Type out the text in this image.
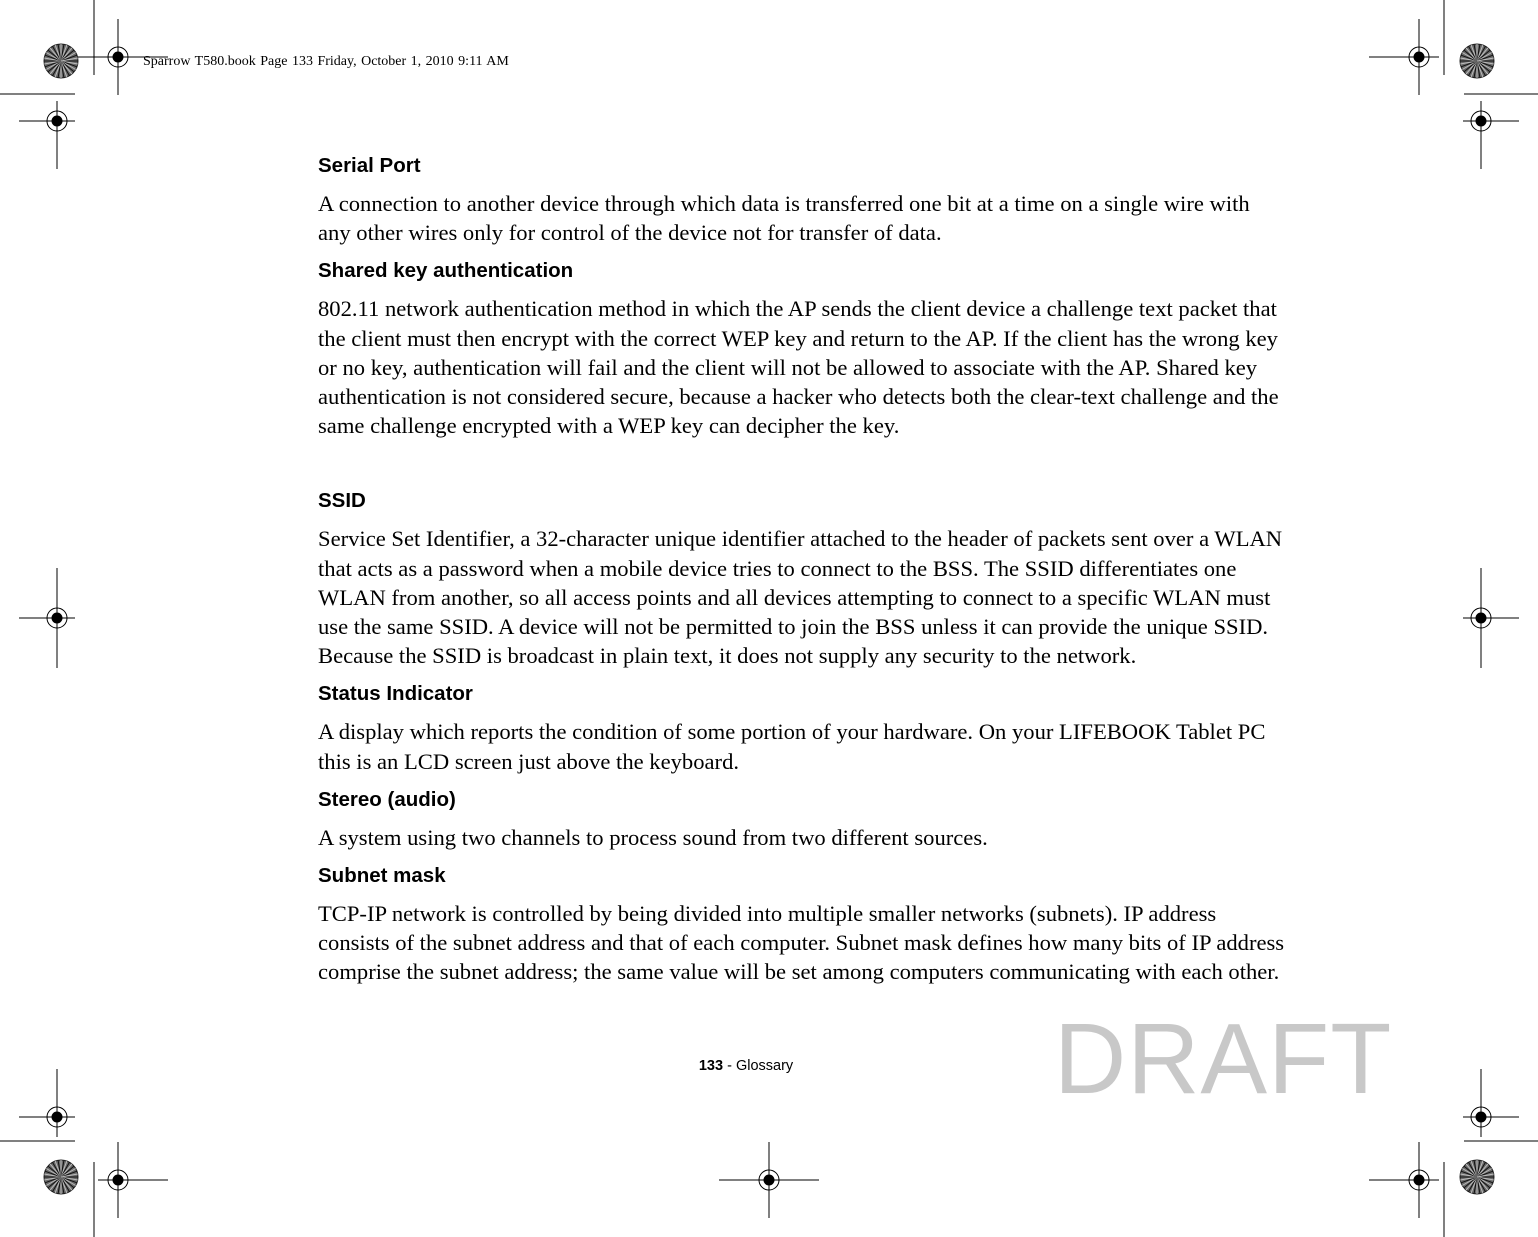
Sparrow T580.book Page 133 Friday, October 1, 2010 9:11 AM
Serial Port
A connection to another device through which data is transferred one bit at a time on a single wire with
any other wires only for control of the device not for transfer of data.
Shared key authentication
802.11 network authentication method in which the AP sends the client device a challenge text packet that
the client must then encrypt with the correct WEP key and return to the AP. If the client has the wrong key
or no key, authentication will fail and the client will not be allowed to associate with the AP. Shared key
authentication is not considered secure, because a hacker who detects both the clear-text challenge and the
same challenge encrypted with a WEP key can decipher the key.
SSID
Service Set Identifier, a 32-character unique identifier attached to the header of packets sent over a WLAN
that acts as a password when a mobile device tries to connect to the BSS. The SSID differentiates one
WLAN from another, so all access points and all devices attempting to connect to a specific WLAN must
use the same SSID. A device will not be permitted to join the BSS unless it can provide the unique SSID.
Because the SSID is broadcast in plain text, it does not supply any security to the network.
Status Indicator
A display which reports the condition of some portion of your hardware. On your LIFEBOOK Tablet PC
this is an LCD screen just above the keyboard.
Stereo (audio)
A system using two channels to process sound from two different sources.
Subnet mask
TCP-IP network is controlled by being divided into multiple smaller networks (subnets). IP address
consists of the subnet address and that of each computer. Subnet mask defines how many bits of IP address
comprise the subnet address; the same value will be set among computers communicating with each other.
133 - Glossary	DRAFT
